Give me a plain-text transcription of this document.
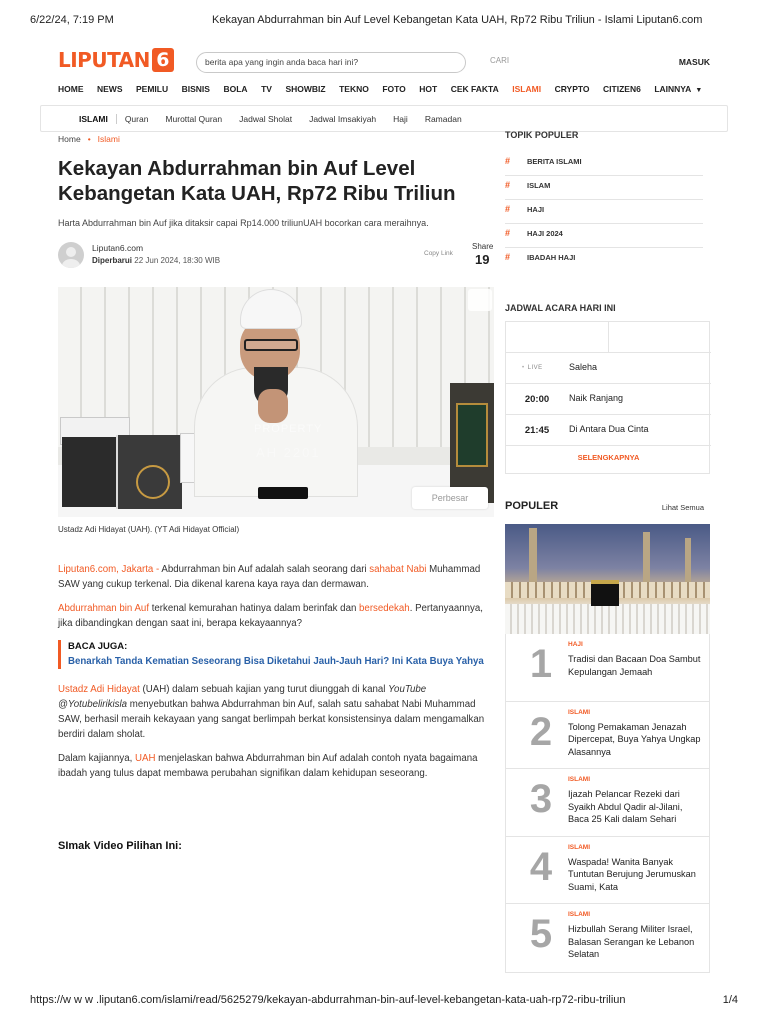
6/22/24, 7:19 PM	Kekayan Abdurrahman bin Auf Level Kebangetan Kata UAH, Rp72 Ribu Triliun - Islami Liputan6.com
LIPUTAN 6	berita apa yang ingin anda baca hari ini?	CARI	MASUK
HOME NEWS PEMILU BISNIS BOLA TV SHOWBIZ TEKNO FOTO HOT CEK FAKTA ISLAMI CRYPTO CITIZEN6 LAINNYA ▼
ISLAMI	Quran Murottal Quran Jadwal Sholat Jadwal Imsakiyah Haji Ramadan
Home • Islami
Kekayan Abdurrahman bin Auf Level Kebangetan Kata UAH, Rp72 Ribu Triliun
Harta Abdurrahman bin Auf jika ditaksir capai Rp14.000 triliunUAH bocorkan cara meraihnya.
Liputan6.com
Diperbarui 22 Jun 2024, 18:30 WIB
Copy Link
Share
19
PROPERTY
AH 2201
Perbesar
Ustadz Adi Hidayat (UAH). (YT Adi Hidayat Official)

Liputan6.com, Jakarta - Abdurrahman bin Auf adalah salah seorang dari sahabat Nabi Muhammad SAW yang cukup terkenal. Dia dikenal karena kaya raya dan dermawan.

Abdurrahman bin Auf terkenal kemurahan hatinya dalam berinfak dan bersedekah. Pertanyaannya, jika dibandingkan dengan saat ini, berapa kekayaannya?

BACA JUGA:
Benarkah Tanda Kematian Seseorang Bisa Diketahui Jauh-Jauh Hari? Ini Kata Buya Yahya

Ustadz Adi Hidayat (UAH) dalam sebuah kajian yang turut diunggah di kanal YouTube @Yotubelirikisla menyebutkan bahwa Abdurrahman bin Auf, salah satu sahabat Nabi Muhammad SAW, berhasil meraih kekayaan yang sangat berlimpah berkat konsistensinya dalam mengamalkan berdiri dalam sholat.

Dalam kajiannya, UAH menjelaskan bahwa Abdurrahman bin Auf adalah contoh nyata bagaimana ibadah yang tulus dapat membawa perubahan signifikan dalam kehidupan seseorang.

SImak Video Pilihan Ini:
TOPIK POPULER
# BERITA ISLAMI
# ISLAM
# HAJI
# HAJI 2024
# IBADAH HAJI
JADWAL ACARA HARI INI
• LIVE	Saleha
20:00	Naik Ranjang
21:45	Di Antara Dua Cinta
SELENGKAPNYA
POPULER	Lihat Semua
1	HAJI
Tradisi dan Bacaan Doa Sambut Kepulangan Jemaah
2	ISLAMI
Tolong Pemakaman Jenazah Dipercepat, Buya Yahya Ungkap Alasannya
3	ISLAMI
Ijazah Pelancar Rezeki dari Syaikh Abdul Qadir al-Jilani, Baca 25 Kali dalam Sehari
4	ISLAMI
Waspada! Wanita Banyak Tuntutan Berujung Jerumuskan Suami, Kata
5	ISLAMI
Hizbullah Serang Militer Israel, Balasan Serangan ke Lebanon Selatan
https://w w w .liputan6.com/islami/read/5625279/kekayan-abdurrahman-bin-auf-level-kebangetan-kata-uah-rp72-ribu-triliun	1/4
